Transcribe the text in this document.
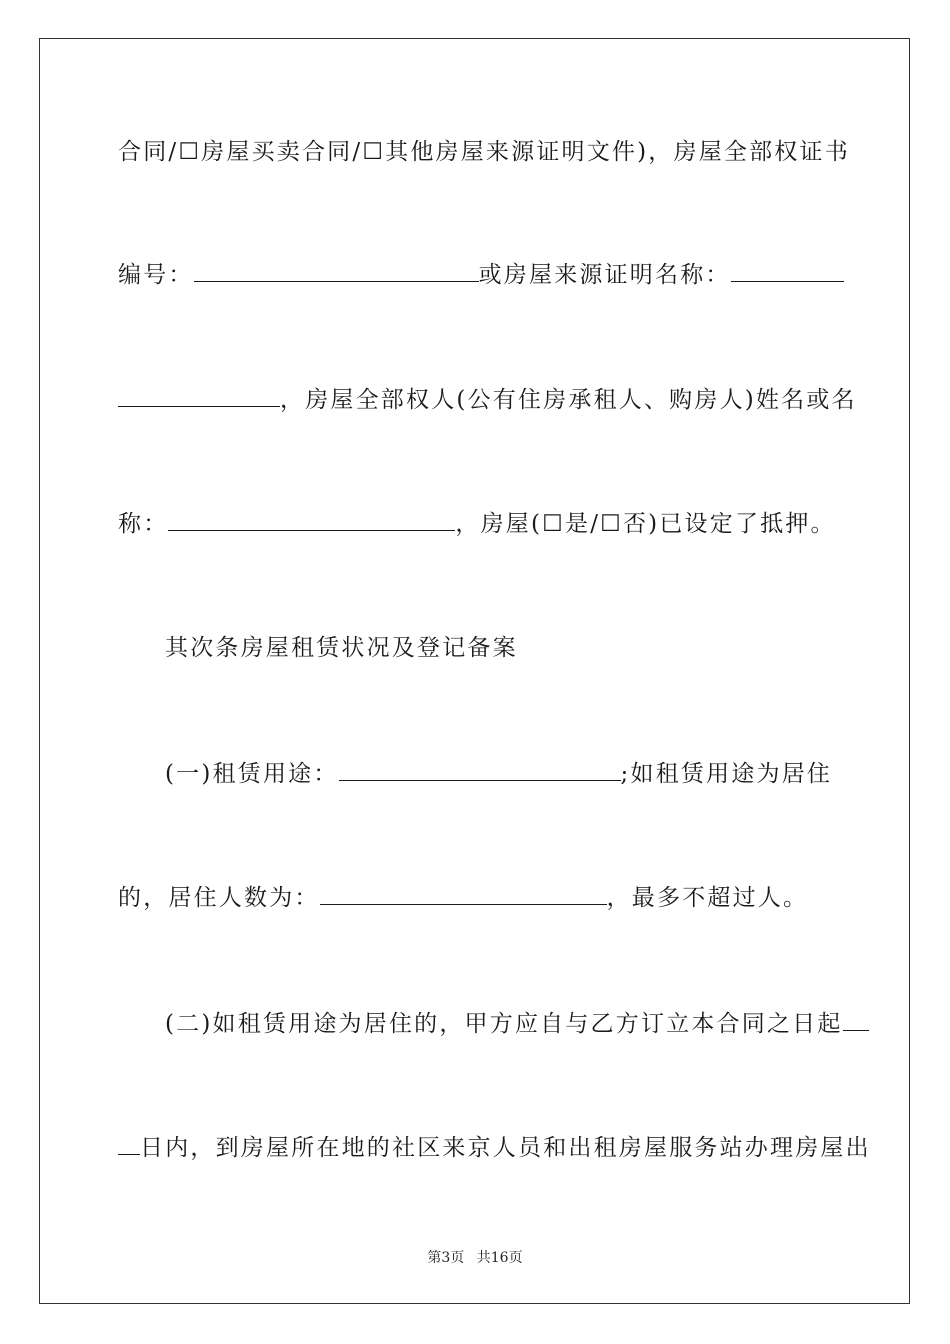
合同/☐房屋买卖合同/☐其他房屋来源证明文件)，房屋全部权证书
编号：	或房屋来源证明名称：
，房屋全部权人(公有住房承租人、购房人)姓名或名
称：	，房屋(☐是/☐否)已设定了抵押。
其次条房屋租赁状况及登记备案
(一)租赁用途：	;如租赁用途为居住
的，居住人数为：	，最多不超过人。
(二)如租赁用途为居住的，甲方应自与乙方订立本合同之日起
日内，到房屋所在地的社区来京人员和出租房屋服务站办理房屋出
第3页 共16页
